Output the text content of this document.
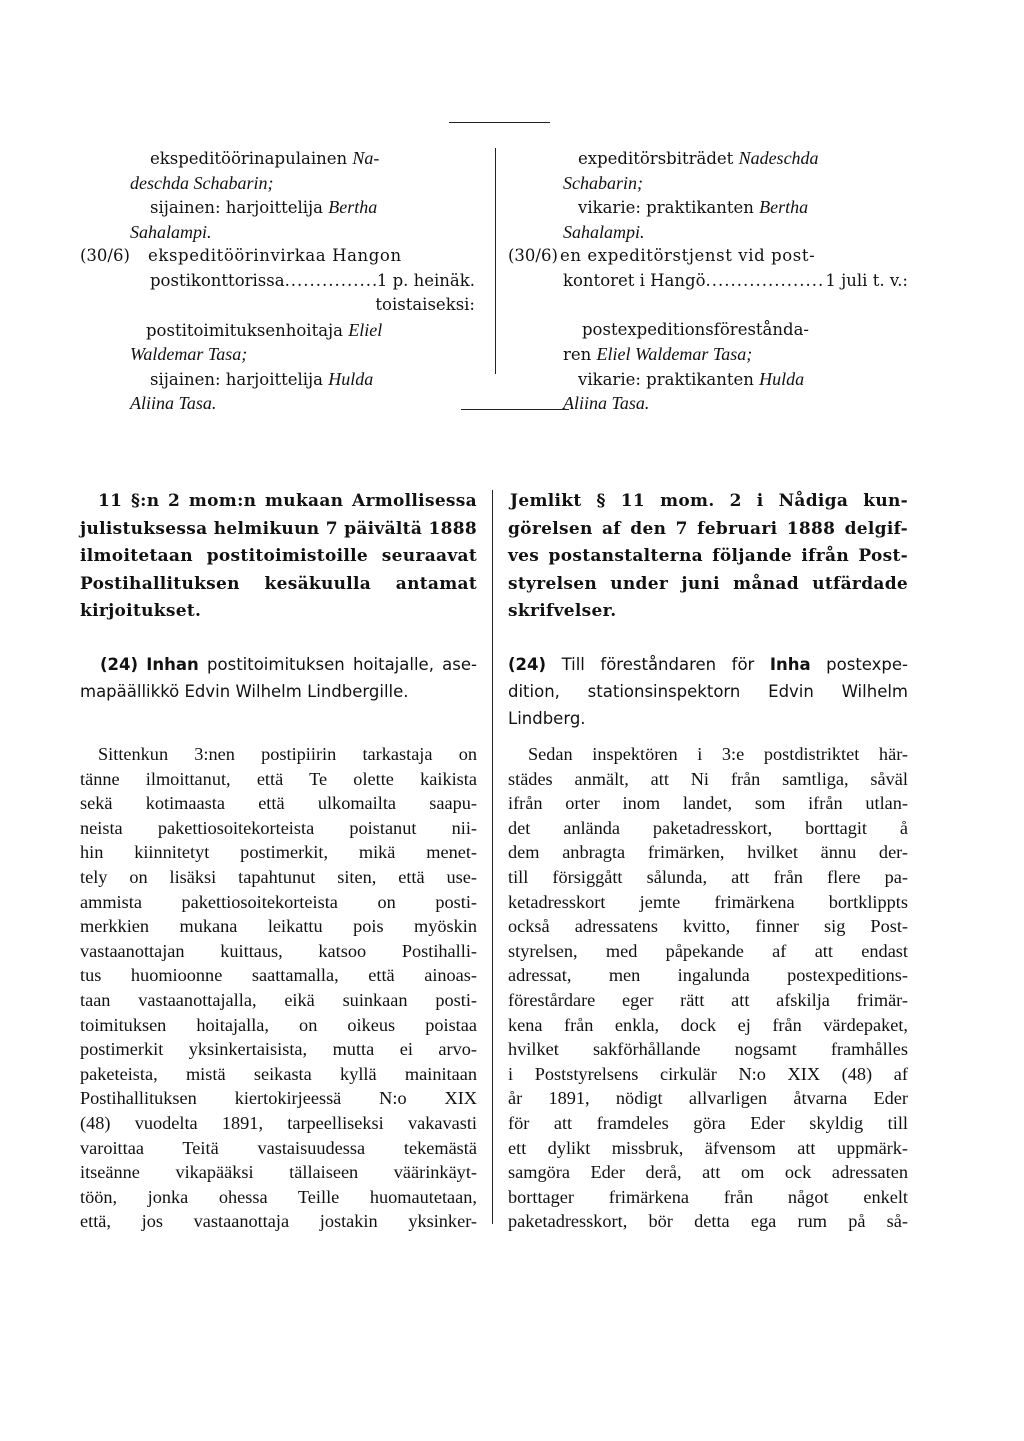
ekspeditöörinapulainen Na-
deschda Schabarin;
sijainen: harjoittelija Bertha
Sahalampi.
(30/6) ekspeditöörinvirkaa Hangon
postikonttorissa .....	1 p. heinäk.
toistaiseksi:
postitoimituksenhoitaja Eliel
Waldemar Tasa;
sijainen: harjoittelija Hulda
Aliina Tasa.
expeditörsbiträdet Nadeschda
Schabarin;
vikarie: praktikanten Bertha
Sahalampi.
(30/6) en expeditörstjenst vid post-
kontoret i Hangö .....	1 juli t. v.:
postexpeditionsförestånda-
ren Eliel Waldemar Tasa;
vikarie: praktikanten Hulda
Aliina Tasa.
11 §:n 2 mom:n mukaan Armollisessa
julistuksessa helmikuun 7 päivältä 1888
ilmoitetaan postitoimistoille seuraavat
Postihallituksen kesäkuulla antamat
kirjoitukset.
Jemlikt § 11 mom. 2 i Nådiga kun-
görelsen af den 7 februari 1888 delgif-
ves postanstalterna följande ifrån Post-
styrelsen under juni månad utfärdade
skrifvelser.
(24) Inhan postitoimituksen hoitajalle, ase-
mapäällikkö Edvin Wilhelm Lindbergille.
(24) Till föreståndaren för Inha postexpe-
dition, stationsinspektorn Edvin Wilhelm
Lindberg.
Sittenkun 3:nen postipiirin tarkastaja on
tänne ilmoittanut, että Te olette kaikista
sekä kotimaasta että ulkomailta saapu-
neista pakettiosoitekorteista poistanut nii-
hin kiinnitetyt postimerkit, mikä menet-
tely on lisäksi tapahtunut siten, että use-
ammista pakettiosoitekorteista on posti-
merkkien mukana leikattu pois myöskin
vastaanottajan kuittaus, katsoo Postihalli-
tus huomioonne saattamalla, että ainoas-
taan vastaanottajalla, eikä suinkaan posti-
toimituksen hoitajalla, on oikeus poistaa
postimerkit yksinkertaisista, mutta ei arvo-
paketeista, mistä seikasta kyllä mainitaan
Postihallituksen kiertokirjeessä N:o XIX
(48) vuodelta 1891, tarpeelliseksi vakavasti
varoittaa Teitä vastaisuudessa tekemästä
itseänne vikapääksi tällaiseen väärinkäyt-
töön, jonka ohessa Teille huomautetaan,
että, jos vastaanottaja jostakin yksinker-
Sedan inspektören i 3:e postdistriktet här-
städes anmält, att Ni från samtliga, såväl
ifrån orter inom landet, som ifrån utlan-
det anlända paketadresskort, borttagit å
dem anbragta frimärken, hvilket ännu der-
till försiggått sålunda, att från flere pa-
ketadresskort jemte frimärkena bortklippts
också adressatens kvitto, finner sig Post-
styrelsen, med påpekande af att endast
adressat, men ingalunda postexpeditions-
förestårdare eger rätt att afskilja frimär-
kena från enkla, dock ej från värdepaket,
hvilket sakförhållande nogsamt framhålles
i Poststyrelsens cirkulär N:o XIX (48) af
år 1891, nödigt allvarligen åtvarna Eder
för att framdeles göra Eder skyldig till
ett dylikt missbruk, äfvensom att uppmärk-
samgöra Eder derå, att om ock adressaten
borttager frimärkena från något enkelt
paketadresskort, bör detta ega rum på så-
